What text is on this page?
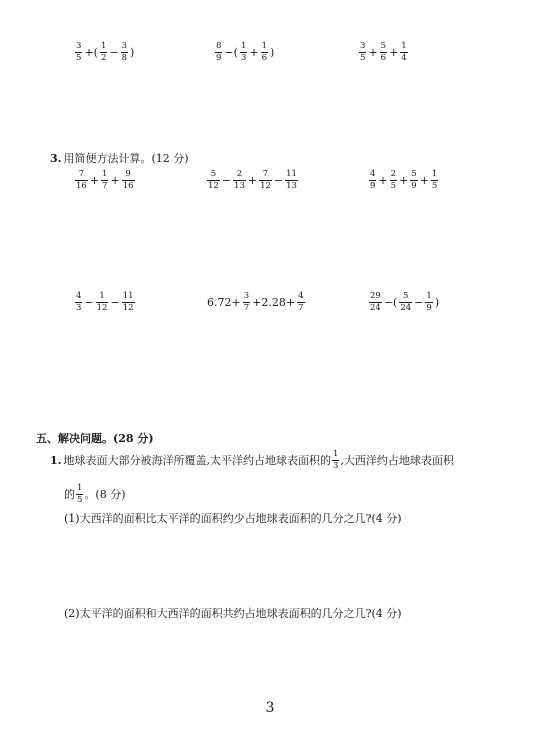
$\frac{3}{5}$ +( $\frac{1}{2} - \frac{3}{8}$ )	$\frac{8}{9}$ −( $\frac{1}{3} + \frac{1}{6}$ )	$\frac{3}{5} + \frac{5}{6} + \frac{1}{4}$
3. 用简便方法计算。(12 分)
$\frac{7}{16} + \frac{1}{7} + \frac{9}{16}$	$\frac{5}{12} - \frac{2}{13} + \frac{7}{12} - \frac{11}{13}$	$\frac{4}{9} + \frac{2}{5} + \frac{5}{9} + \frac{1}{5}$
$\frac{4}{3} - \frac{1}{12} - \frac{11}{12}$	$6.72+ \frac{3}{7} +2.28+ \frac{4}{7}$	$\frac{29}{24}$ −( $\frac{5}{24} - \frac{1}{9}$ )
五、解决问题。(28 分)
1. 地球表面大部分被海洋所覆盖,太平洋约占地球表面积的 $\frac{1}{3}$ ,大西洋约占地球表面积
的 $\frac{1}{5}$ 。(8 分)
(1)大西洋的面积比太平洋的面积约少占地球表面积的几分之几?(4 分)
(2)太平洋的面积和大西洋的面积共约占地球表面积的几分之几?(4 分)
3
